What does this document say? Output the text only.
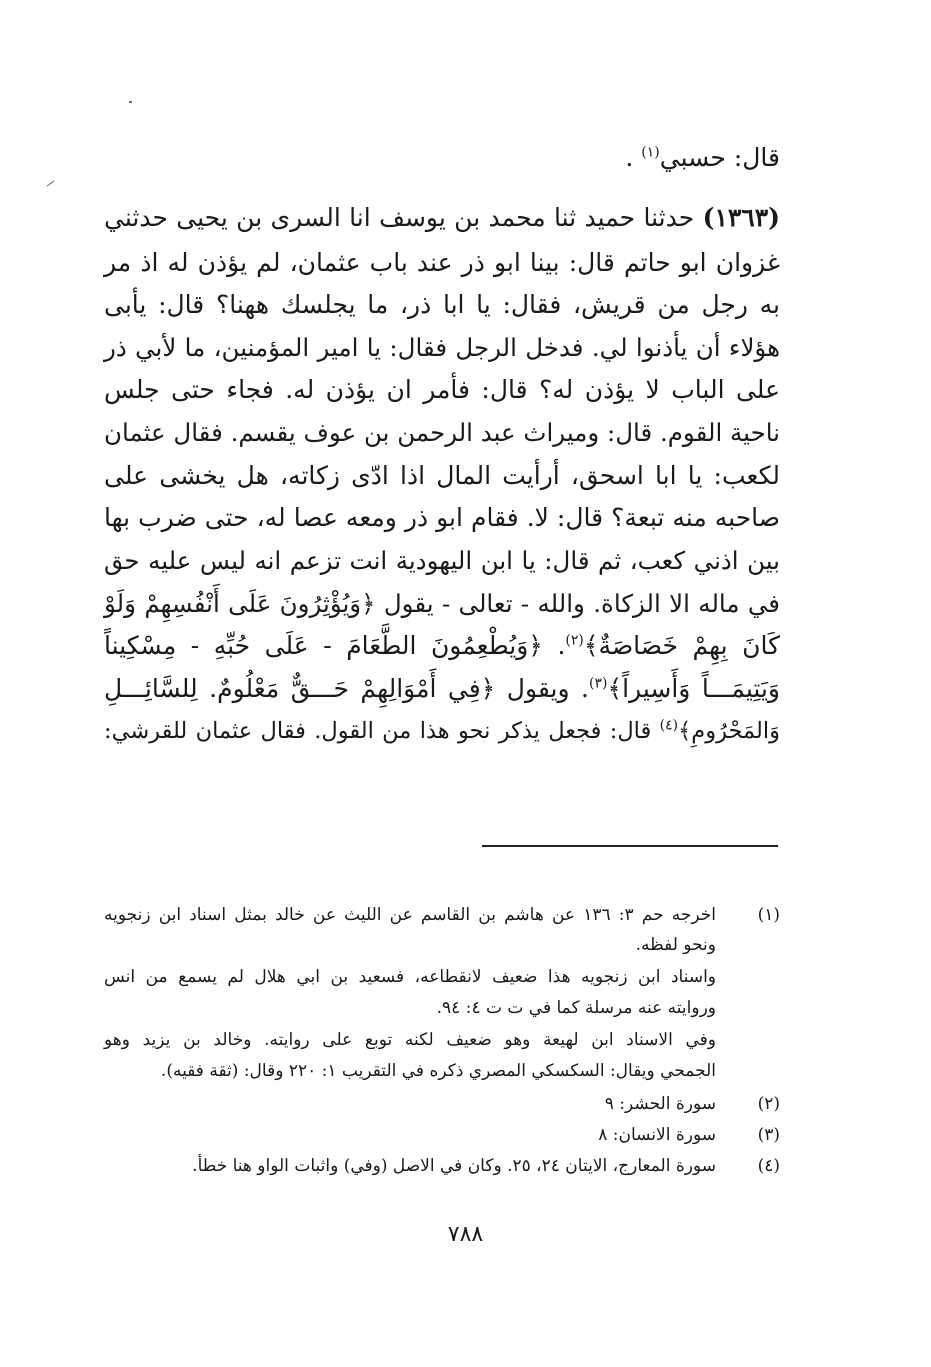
قال: حسبي$^{(١)}$ .
(١٣٦٣) حدثنا حميد ثنا محمد بن يوسف انا السرى بن يحيى حدثني
غزوان ابو حاتم قال: بينا ابو ذر عند باب عثمان، لم يؤذن له اذ مر
به رجل من قريش، فقال: يا ابا ذر، ما يجلسك ههنا؟ قال: يأبى
هؤلاء أن يأذنوا لي. فدخل الرجل فقال: يا امير المؤمنين، ما لأبي ذر
على الباب لا يؤذن له؟ قال: فأمر ان يؤذن له. فجاء حتى جلس
ناحية القوم. قال: وميراث عبد الرحمن بن عوف يقسم. فقال عثمان
لكعب: يا ابا اسحق، أرأيت المال اذا ادّى زكاته، هل يخشى على
صاحبه منه تبعة؟ قال: لا. فقام ابو ذر ومعه عصا له، حتى ضرب بها
بين اذني كعب، ثم قال: يا ابن اليهودية انت تزعم انه ليس عليه حق
في ماله الا الزكاة. والله - تعالى - يقول ﴿وَيُؤْثِرُونَ عَلَى أَنْفُسِهِمْ وَلَوْ
كَانَ بِهِمْ خَصَاصَةٌ﴾$^{(٢)}$. ﴿وَيُطْعِمُونَ الطَّعَامَ - عَلَى حُبِّهِ - مِسْكِيناً
وَيَتِيمَـــاً وَأَسِيراً﴾$^{(٣)}$. ويقول ﴿فِي أَمْوَالِهِمْ حَـــقٌّ مَعْلُومٌ. لِلسَّائِـــلِ
وَالمَحْرُومِ﴾$^{(٤)}$ قال: فجعل يذكر نحو هذا من القول. فقال عثمان للقرشي:
(١)
اخرجه حم ٣: ١٣٦ عن هاشم بن القاسم عن الليث عن خالد بمثل اسناد ابن زنجويه
ونحو لفظه.
واسناد ابن زنجويه هذا ضعيف لانقطاعه، فسعيد بن ابي هلال لم يسمع من انس
وروايته عنه مرسلة كما في ت ت ٤: ٩٤.
وفي الاسناد ابن لهيعة وهو ضعيف لكنه توبع على روايته. وخالد بن يزيد وهو
الجمحي ويقال: السكسكي المصري ذكره في التقريب ١: ٢٢٠ وقال: (ثقة فقيه).
(٢)
سورة الحشر: ٩
(٣)
سورة الانسان: ٨
(٤)
سورة المعارج، الايتان ٢٤، ٢٥. وكان في الاصل (وفي) واثبات الواو هنا خطأ.
٧٨٨
